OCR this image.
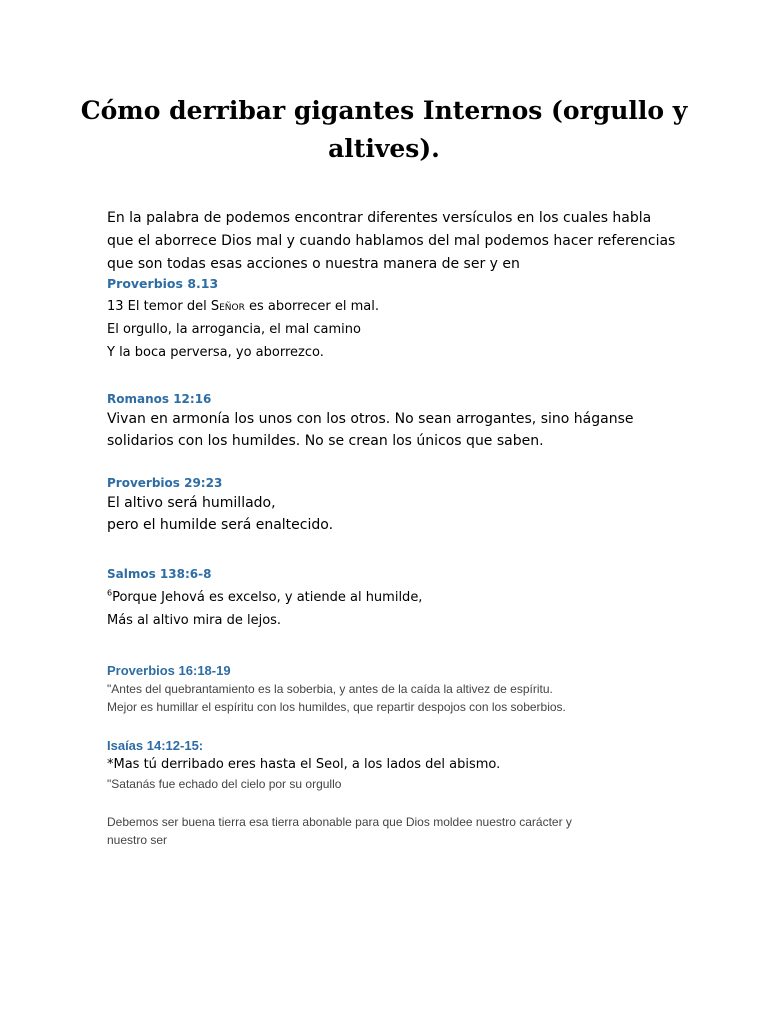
Cómo derribar gigantes Internos (orgullo y altives).
En la palabra de podemos encontrar diferentes versículos en los cuales habla
que el aborrece Dios mal y cuando hablamos del mal podemos hacer referencias
que son todas esas acciones o nuestra manera de ser y en
Proverbios 8.13
13 El temor del Señor es aborrecer el mal.
El orgullo, la arrogancia, el mal camino
Y la boca perversa, yo aborrezco.
Romanos 12:16
Vivan en armonía los unos con los otros. No sean arrogantes, sino háganse
solidarios con los humildes. No se crean los únicos que saben.
Proverbios 29:23
El altivo será humillado,
pero el humilde será enaltecido.
Salmos 138:6-8
$^6$Porque Jehová es excelso, y atiende al humilde,
Más al altivo mira de lejos.
Proverbios 16:18-19
"Antes del quebrantamiento es la soberbia, y antes de la caída la altivez de espíritu.
Mejor es humillar el espíritu con los humildes, que repartir despojos con los soberbios.
Isaías 14:12-15:
*Mas tú derribado eres hasta el Seol, a los lados del abismo.
"Satanás fue echado del cielo por su orgullo
Debemos ser buena tierra esa tierra abonable para que Dios moldee nuestro carácter y
nuestro ser
